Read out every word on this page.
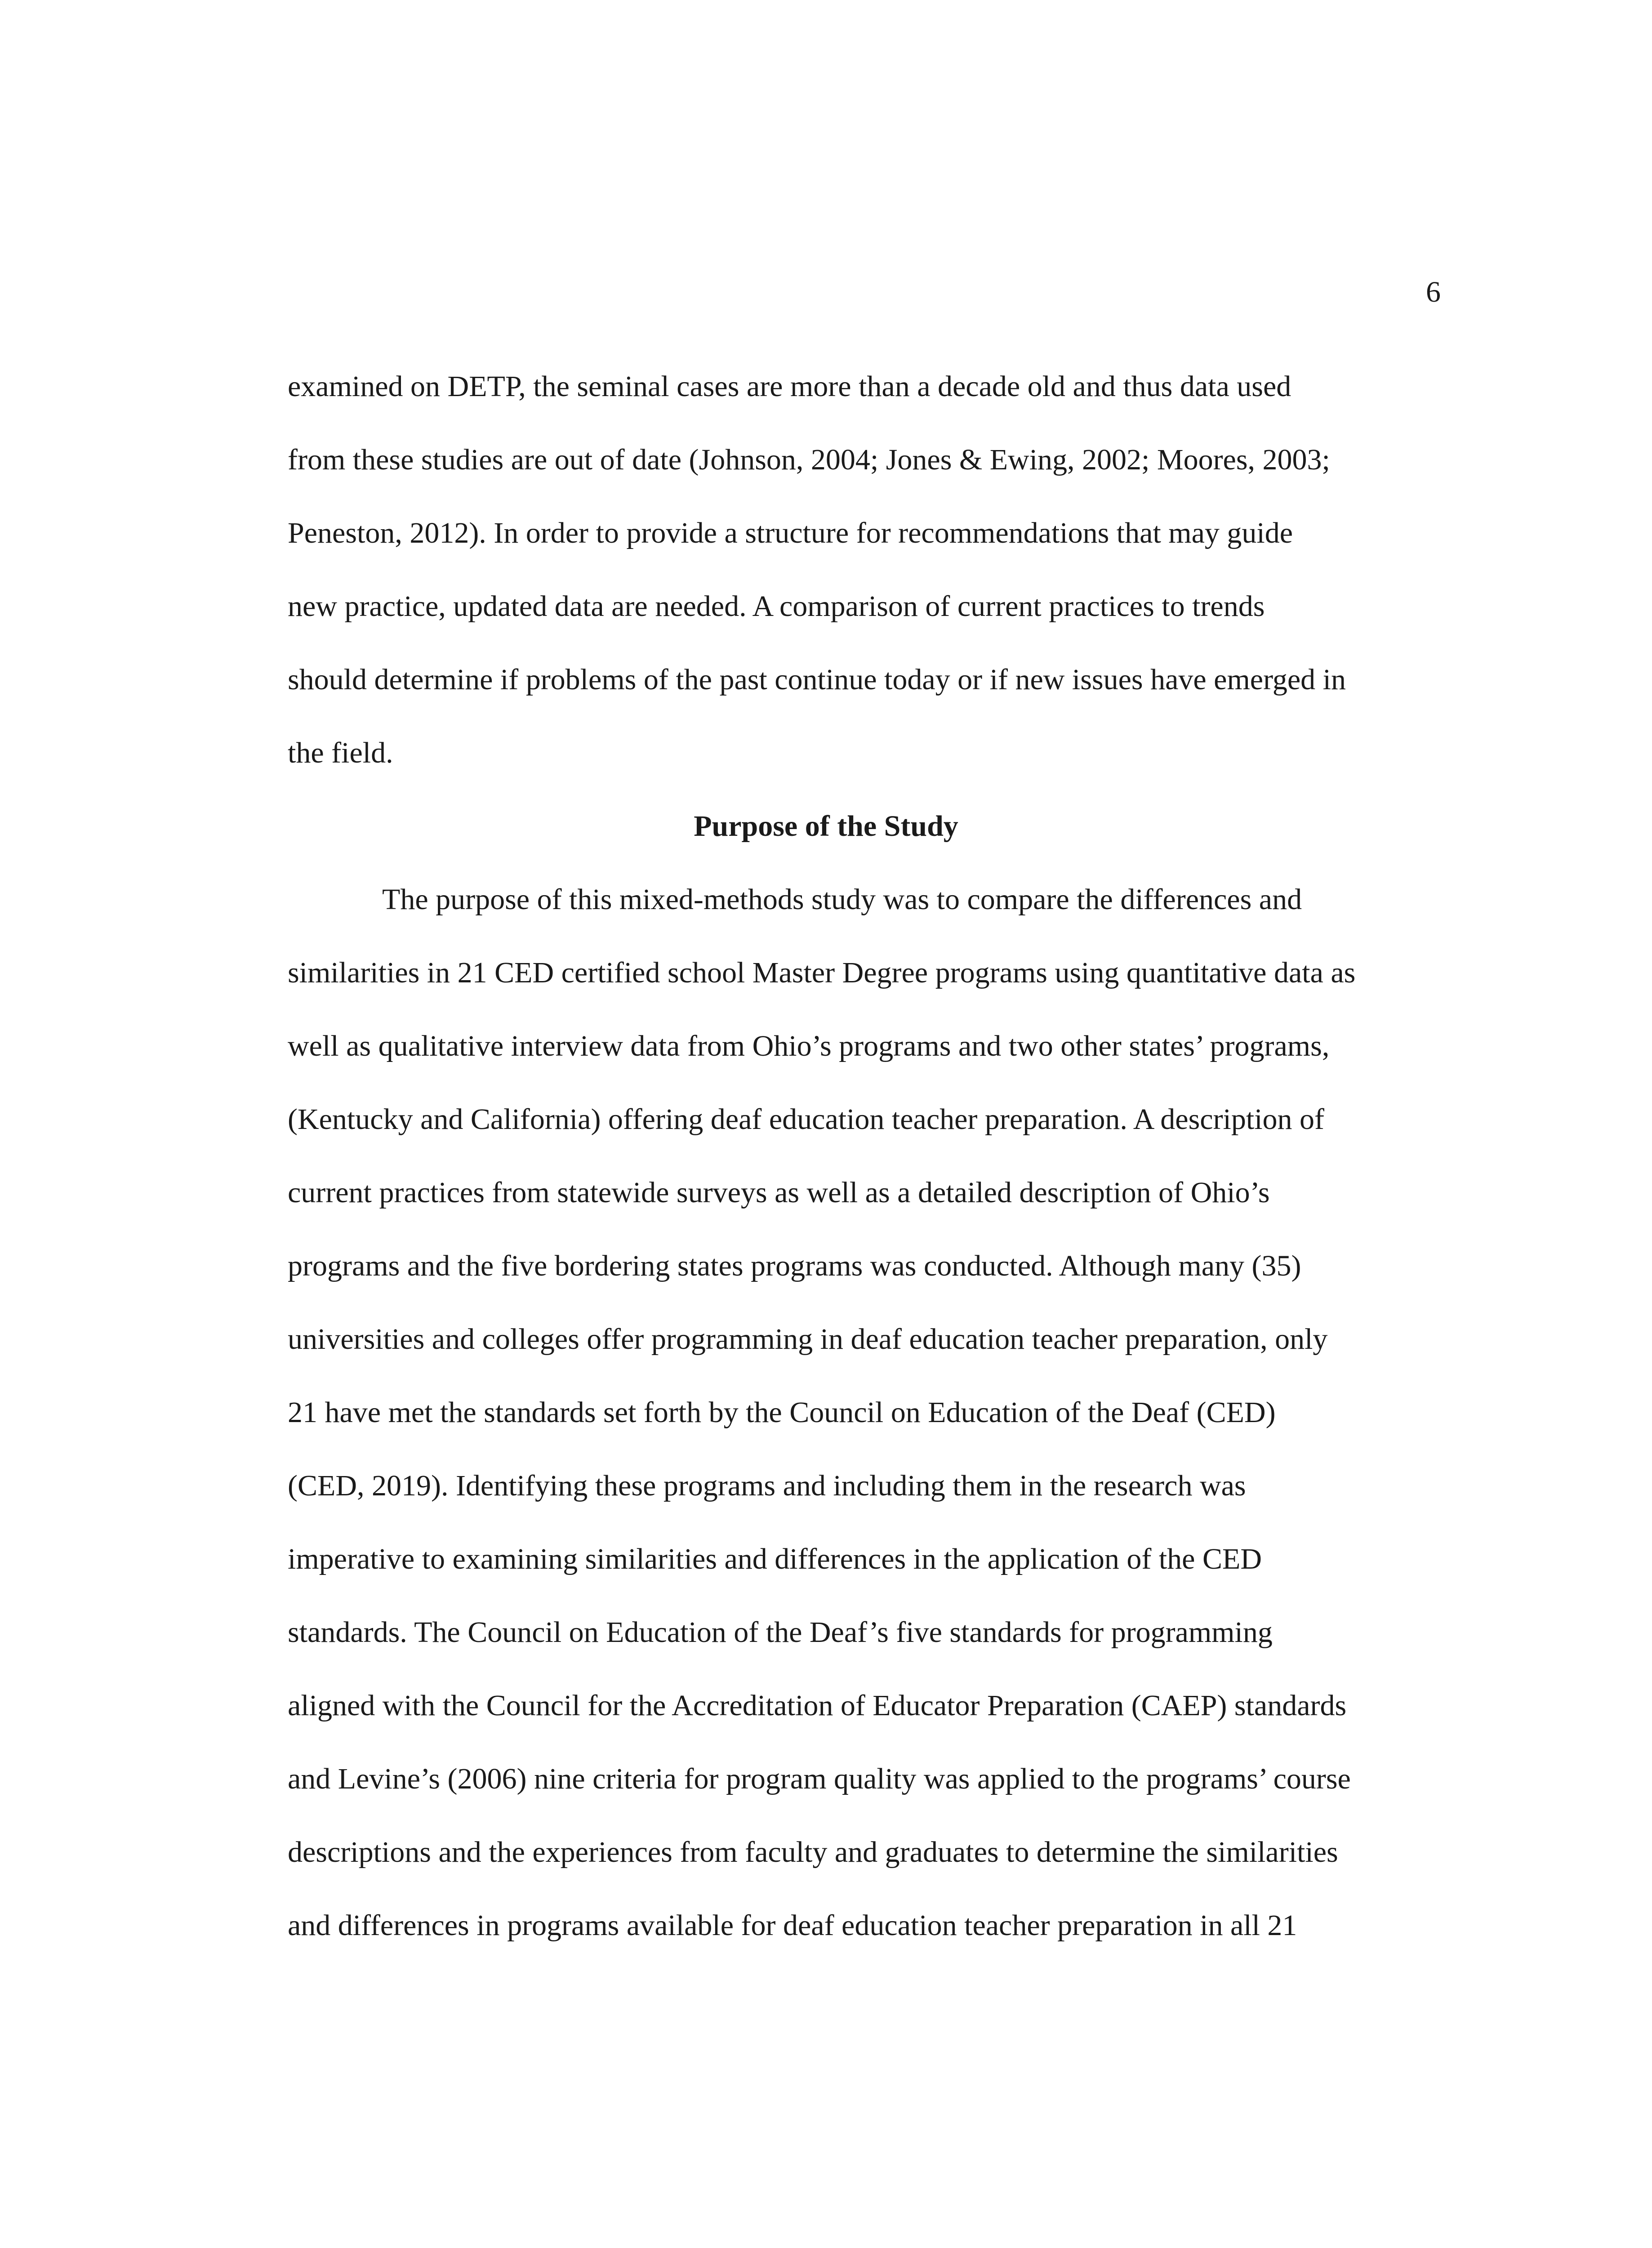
6
examined on DETP, the seminal cases are more than a decade old and thus data used
from these studies are out of date (Johnson, 2004; Jones & Ewing, 2002; Moores, 2003;
Peneston, 2012). In order to provide a structure for recommendations that may guide
new practice, updated data are needed. A comparison of current practices to trends
should determine if problems of the past continue today or if new issues have emerged in
the field.
Purpose of the Study
The purpose of this mixed-methods study was to compare the differences and
similarities in 21 CED certified school Master Degree programs using quantitative data as
well as qualitative interview data from Ohio’s programs and two other states’ programs,
(Kentucky and California) offering deaf education teacher preparation. A description of
current practices from statewide surveys as well as a detailed description of Ohio’s
programs and the five bordering states programs was conducted. Although many (35)
universities and colleges offer programming in deaf education teacher preparation, only
21 have met the standards set forth by the Council on Education of the Deaf (CED)
(CED, 2019). Identifying these programs and including them in the research was
imperative to examining similarities and differences in the application of the CED
standards. The Council on Education of the Deaf’s five standards for programming
aligned with the Council for the Accreditation of Educator Preparation (CAEP) standards
and Levine’s (2006) nine criteria for program quality was applied to the programs’ course
descriptions and the experiences from faculty and graduates to determine the similarities
and differences in programs available for deaf education teacher preparation in all 21
